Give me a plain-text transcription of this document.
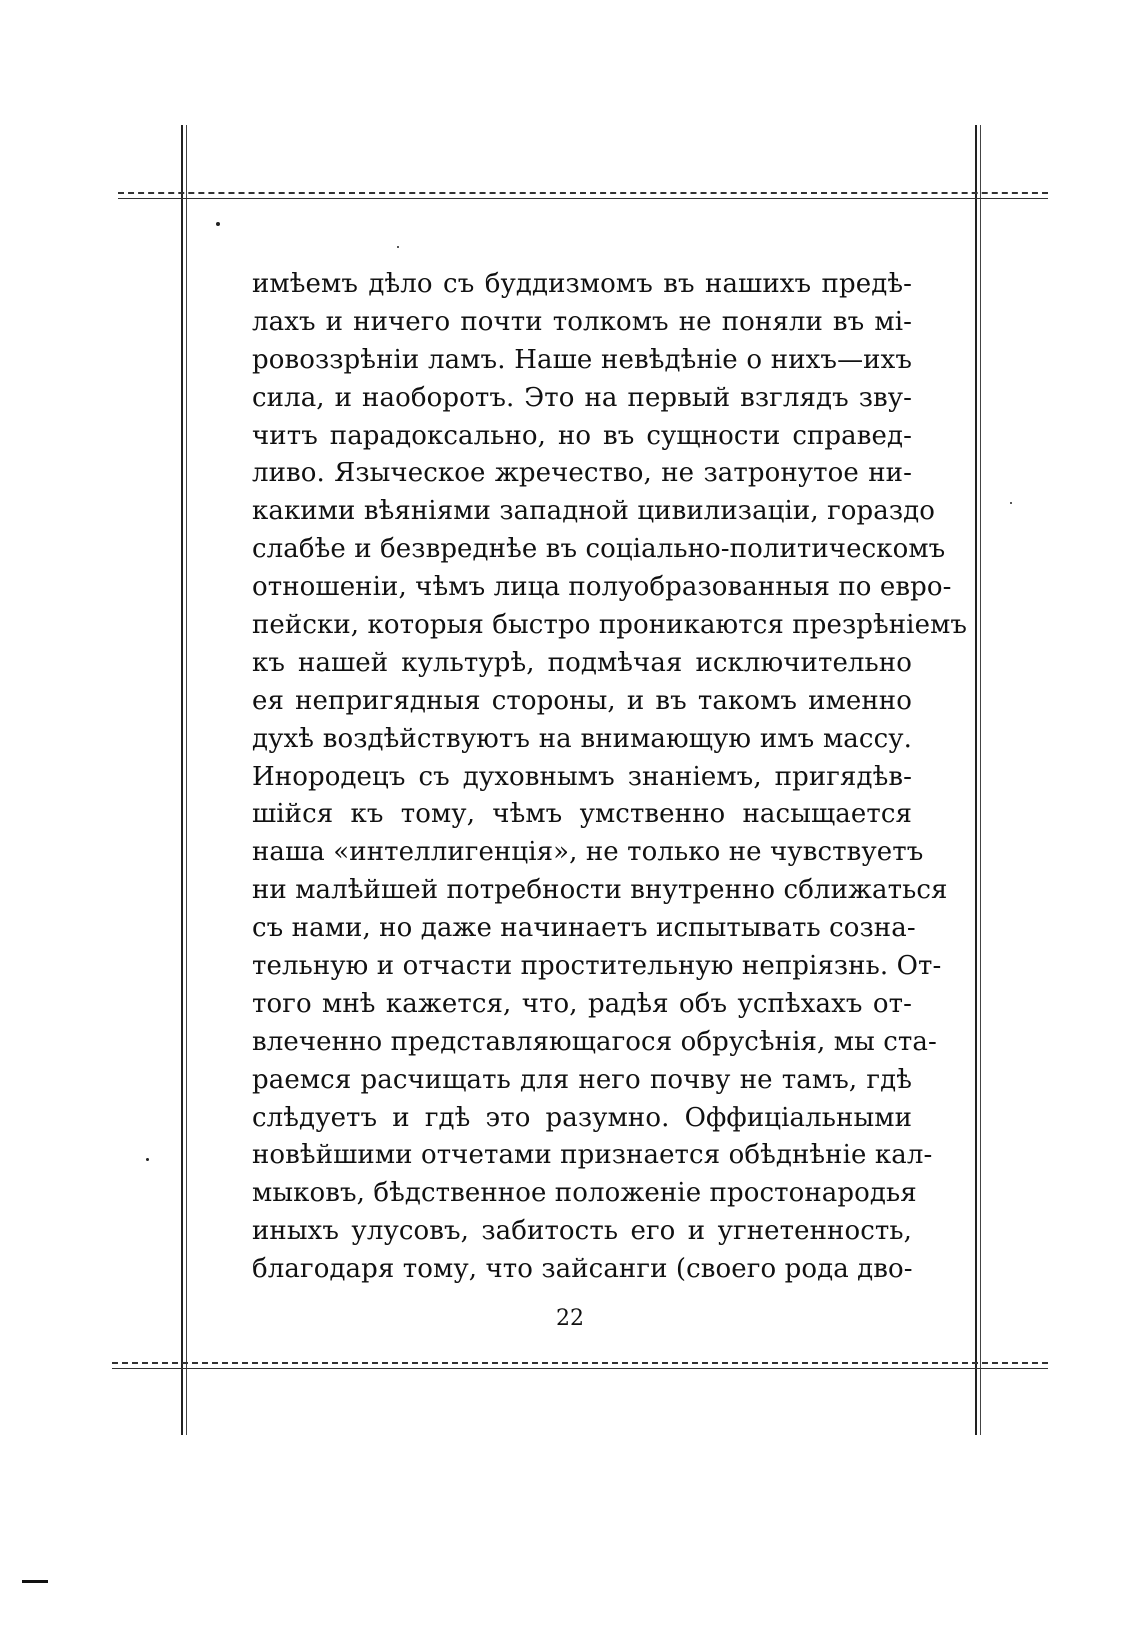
имѣемъ дѣло съ буддизмомъ въ нашихъ предѣ-
лахъ и ничего почти толкомъ не поняли въ мі-
ровоззрѣніи ламъ. Наше невѣдѣніе о нихъ—ихъ
сила, и наоборотъ. Это на первый взглядъ зву-
читъ парадоксально, но въ сущности справед-
ливо. Языческое жречество, не затронутое ни-
какими вѣяніями западной цивилизаціи, гораздо
слабѣе и безвреднѣе въ соціально-политическомъ
отношеніи, чѣмъ лица полуобразованныя по евро-
пейски, которыя быстро проникаются презрѣніемъ
къ нашей культурѣ, подмѣчая исключительно
ея непригядныя стороны, и въ такомъ именно
духѣ воздѣйствуютъ на внимающую имъ массу.
Инородецъ съ духовнымъ знаніемъ, пригядѣв-
шійся къ тому, чѣмъ умственно насыщается
наша «интеллигенція», не только не чувствуетъ
ни малѣйшей потребности внутренно сближаться
съ нами, но даже начинаетъ испытывать созна-
тельную и отчасти простительную непріязнь. От-
того мнѣ кажется, что, радѣя объ успѣхахъ от-
влеченно представляющагося обрусѣнія, мы ста-
раемся расчищать для него почву не тамъ, гдѣ
слѣдуетъ и гдѣ это разумно. Оффиціальными
новѣйшими отчетами признается обѣднѣніе кал-
мыковъ, бѣдственное положеніе простонародья
иныхъ улусовъ, забитость его и угнетенность,
благодаря тому, что зайсанги (своего рода дво-
22
